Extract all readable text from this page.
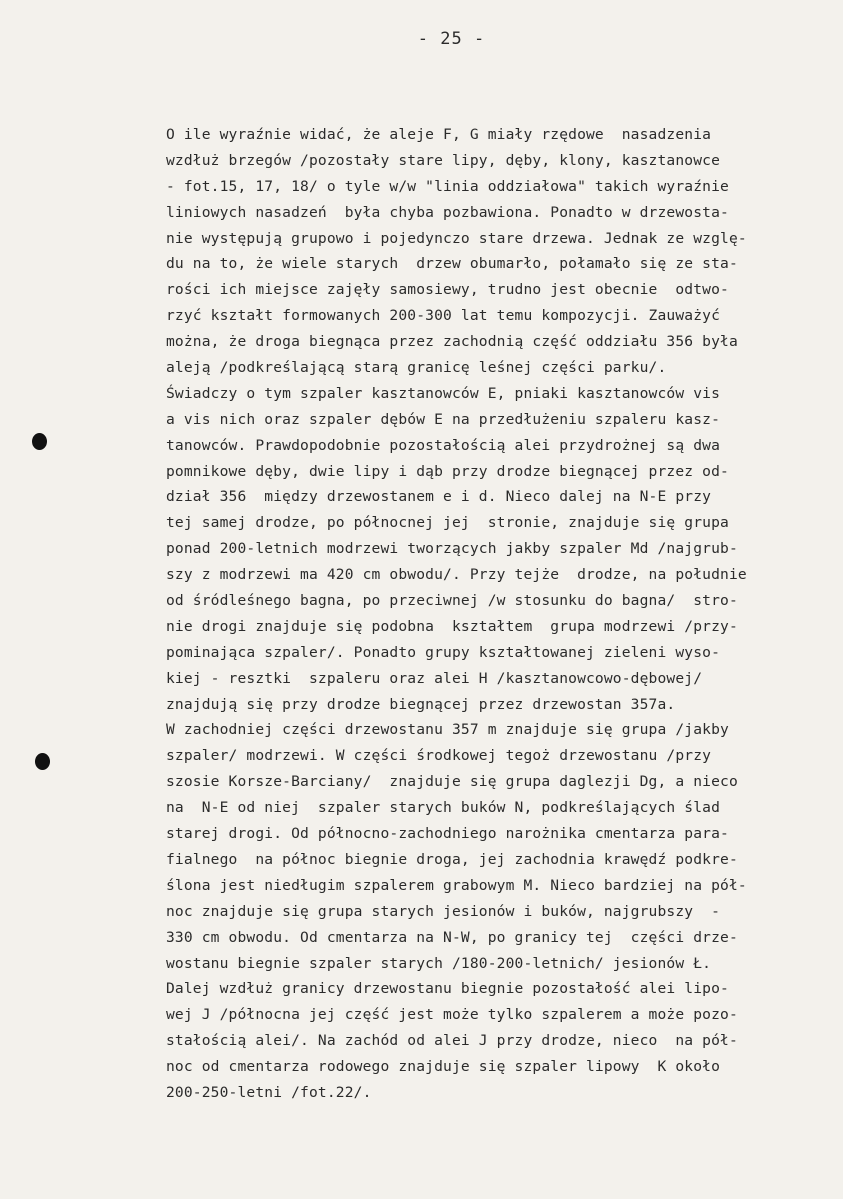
- 25 -
O ile wyraźnie widać, że aleje F, G miały rzędowe  nasadzenia
wzdłuż brzegów /pozostały stare lipy, dęby, klony, kasztanowce
- fot.15, 17, 18/ o tyle w/w "linia oddziałowa" takich wyraźnie
liniowych nasadzeń  była chyba pozbawiona. Ponadto w drzewosta-
nie występują grupowo i pojedynczo stare drzewa. Jednak ze wzglę-
du na to, że wiele starych  drzew obumarło, połamało się ze sta-
rości ich miejsce zajęły samosiewy, trudno jest obecnie  odtwo-
rzyć kształt formowanych 200-300 lat temu kompozycji. Zauważyć
można, że droga biegnąca przez zachodnią część oddziału 356 była
aleją /podkreślającą starą granicę leśnej części parku/.
Świadczy o tym szpaler kasztanowców E, pniaki kasztanowców vis
a vis nich oraz szpaler dębów E na przedłużeniu szpaleru kasz-
tanowców. Prawdopodobnie pozostałością alei przydrożnej są dwa
pomnikowe dęby, dwie lipy i dąb przy drodze biegnącej przez od-
dział 356  między drzewostanem e i d. Nieco dalej na N-E przy
tej samej drodze, po północnej jej  stronie, znajduje się grupa
ponad 200-letnich modrzewi tworzących jakby szpaler Md /najgrub-
szy z modrzewi ma 420 cm obwodu/. Przy tejże  drodze, na południe
od śródleśnego bagna, po przeciwnej /w stosunku do bagna/  stro-
nie drogi znajduje się podobna  kształtem  grupa modrzewi /przy-
pominająca szpaler/. Ponadto grupy kształtowanej zieleni wyso-
kiej - resztki  szpaleru oraz alei H /kasztanowcowo-dębowej/
znajdują się przy drodze biegnącej przez drzewostan 357a.
W zachodniej części drzewostanu 357 m znajduje się grupa /jakby
szpaler/ modrzewi. W części środkowej tegoż drzewostanu /przy
szosie Korsze-Barciany/  znajduje się grupa daglezji Dg, a nieco
na  N-E od niej  szpaler starych buków N, podkreślających ślad
starej drogi. Od północno-zachodniego narożnika cmentarza para-
fialnego  na północ biegnie droga, jej zachodnia krawędź podkre-
ślona jest niedługim szpalerem grabowym M. Nieco bardziej na pół-
noc znajduje się grupa starych jesionów i buków, najgrubszy  -
330 cm obwodu. Od cmentarza na N-W, po granicy tej  części drze-
wostanu biegnie szpaler starych /180-200-letnich/ jesionów Ł.
Dalej wzdłuż granicy drzewostanu biegnie pozostałość alei lipo-
wej J /północna jej część jest może tylko szpalerem a może pozo-
stałością alei/. Na zachód od alei J przy drodze, nieco  na pół-
noc od cmentarza rodowego znajduje się szpaler lipowy  K około
200-250-letni /fot.22/.
